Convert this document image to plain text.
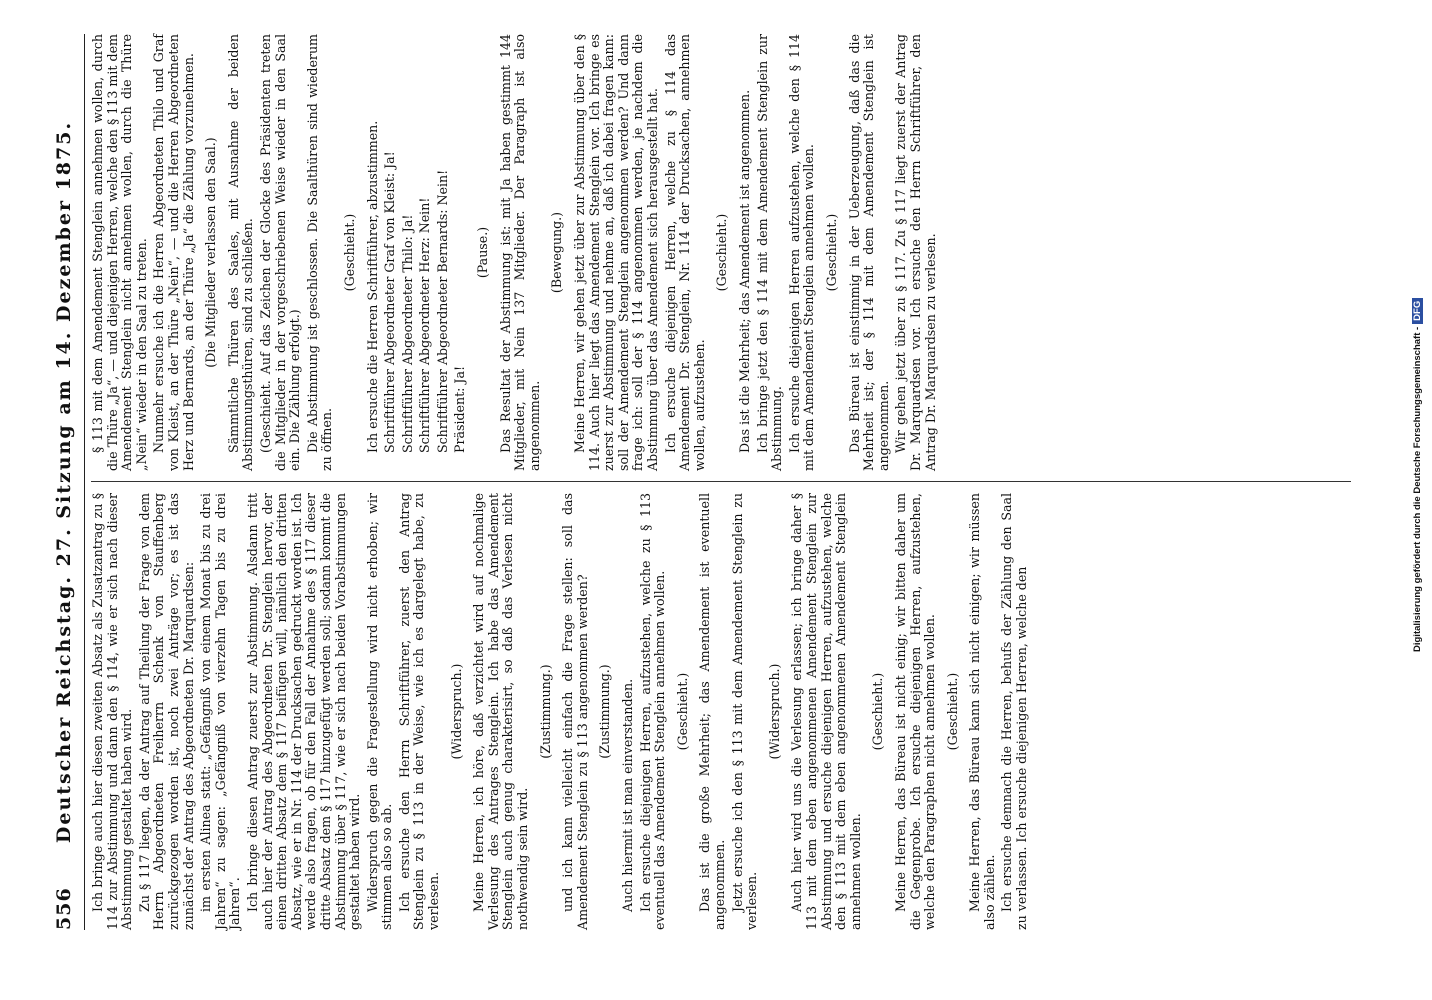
556
Deutscher Reichstag. 27. Sitzung am 14. Dezember 1875.	Ich bringe auch hier diesen zweiten Absatz als Zusatzantrag zu § 114 zur Abstimmung und dann den § 114, wie er sich nach dieser Abstimmung gestaltet haben wird. Zu § 117 liegen, da der Antrag auf Theilung der Frage von dem Herrn Abgeordneten Freiherrn Schenk von Stauffenberg zurückgezogen worden ist, noch zwei Anträge vor; es ist das zunächst der Antrag des Abgeordneten Dr. Marquardsen: im ersten Alinea statt: „Gefängniß von einem Monat bis zu drei Jahren“ zu sagen: „Gefängniß von vierzehn Tagen bis zu drei Jahren“. Ich bringe diesen Antrag zuerst zur Abstimmung. Alsdann tritt auch hier der Antrag des Abgeordneten Dr. Stenglein hervor, der einen dritten Absatz dem § 117 beifügen will, nämlich den dritten Absatz, wie er in Nr. 114 der Drucksachen gedruckt worden ist. Ich werde also fragen, ob für den Fall der Annahme des § 117 dieser dritte Absatz dem § 117 hinzugefügt werden soll; sodann kommt die Abstimmung über § 117, wie er sich nach beiden Vorabstimmungen gestaltet haben wird. Widerspruch gegen die Fragestellung wird nicht erhoben; wir stimmen also so ab. Ich ersuche den Herrn Schriftführer, zuerst den Antrag Stenglein zu § 113 in der Weise, wie ich es dargelegt habe, zu verlesen.

(Widerspruch.) Meine Herren, ich höre, daß verzichtet wird auf nochmalige Verlesung des Antrages Stenglein. Ich habe das Amendement Stenglein auch genug charakterisirt, so daß das Verlesen nicht nothwendig sein wird.

(Zustimmung.) und ich kann vielleicht einfach die Frage stellen: soll das Amendement Stenglein zu § 113 angenommen werden? (Zustimmung.) Auch hiermit ist man einverstanden. Ich ersuche diejenigen Herren, aufzustehen, welche zu § 113 eventuell das Amendement Stenglein annehmen wollen. (Geschieht.) Das ist die große Mehrheit; das Amendement ist eventuell angenommen. Jetzt ersuche ich den § 113 mit dem Amendement Stenglein zu verlesen.

(Widerspruch.) Auch hier wird uns die Verlesung erlassen; ich bringe daher § 113 mit dem eben angenommenen Amendement Stenglein zur Abstimmung und ersuche diejenigen Herren, aufzustehen, welche den § 113 mit dem eben angenommenen Amendement Stenglein annehmen wollen.

(Geschieht.) Meine Herren, das Büreau ist nicht einig; wir bitten daher um die Gegenprobe. Ich ersuche diejenigen Herren, aufzustehen, welche den Paragraphen nicht annehmen wollen. (Geschieht.) Meine Herren, das Büreau kann sich nicht einigen; wir müssen also zählen. Ich ersuche demnach die Herren, behufs der Zählung den Saal zu verlassen. Ich ersuche diejenigen Herren, welche den

§ 113 mit dem Amendement Stenglein annehmen wollen, durch die Thüre „Ja“, — und diejenigen Herren, welche den § 113 mit dem Amendement Stenglein nicht annehmen wollen, durch die Thüre „Nein“ wieder in den Saal zu treten. Nunmehr ersuche ich die Herren Abgeordneten Thilo und Graf von Kleist, an der Thüre „Nein“, — und die Herren Abgeordneten Herz und Bernards, an der Thüre „Ja“ die Zählung vorzunehmen. (Die Mitglieder verlassen den Saal.) Sämmtliche Thüren des Saales, mit Ausnahme der beiden Abstimmungsthüren, sind zu schließen. (Geschieht. Auf das Zeichen der Glocke des Präsidenten treten die Mitglieder in der vorgeschriebenen Weise wieder in den Saal ein. Die Zählung erfolgt.) Die Abstimmung ist geschlossen. Die Saalthüren sind wiederum zu öffnen.

(Geschieht.) Ich ersuche die Herren Schriftführer, abzustimmen. Schriftführer Abgeordneter Graf von Kleist: Ja! Schriftführer Abgeordneter Thilo: Ja! Schriftführer Abgeordneter Herz: Nein! Schriftführer Abgeordneter Bernards: Nein! Präsident: Ja!

(Pause.) Das Resultat der Abstimmung ist: mit Ja haben gestimmt 144 Mitglieder, mit Nein 137 Mitglieder. Der Paragraph ist also angenommen.

(Bewegung.) Meine Herren, wir gehen jetzt über zur Abstimmung über den § 114. Auch hier liegt das Amendement Stenglein vor. Ich bringe es zuerst zur Abstimmung und nehme an, daß ich dabei fragen kann: soll der Amendement Stenglein angenommen werden? Und dann frage ich: soll der § 114 angenommen werden, je nachdem die Abstimmung über das Amendement sich herausgestellt hat. Ich ersuche diejenigen Herren, welche zu § 114 das Amendement Dr. Stenglein, Nr. 114 der Drucksachen, annehmen wollen, aufzustehen.

(Geschieht.) Das ist die Mehrheit; das Amendement ist angenommen. Ich bringe jetzt den § 114 mit dem Amendement Stenglein zur Abstimmung. Ich ersuche diejenigen Herren aufzustehen, welche den § 114 mit dem Amendement Stenglein annehmen wollen. (Geschieht.) Das Büreau ist einstimmig in der Ueberzeugung, daß das die Mehrheit ist; der § 114 mit dem Amendement Stenglein ist angenommen. Wir gehen jetzt über zu § 117. Zu § 117 liegt zuerst der Antrag Dr. Marquardsen vor. Ich ersuche den Herrn Schriftführer, den Antrag Dr. Marquardsen zu verlesen.	Digitalisierung gefördert durch die Deutsche Forschungsgemeinschaft -DFG
